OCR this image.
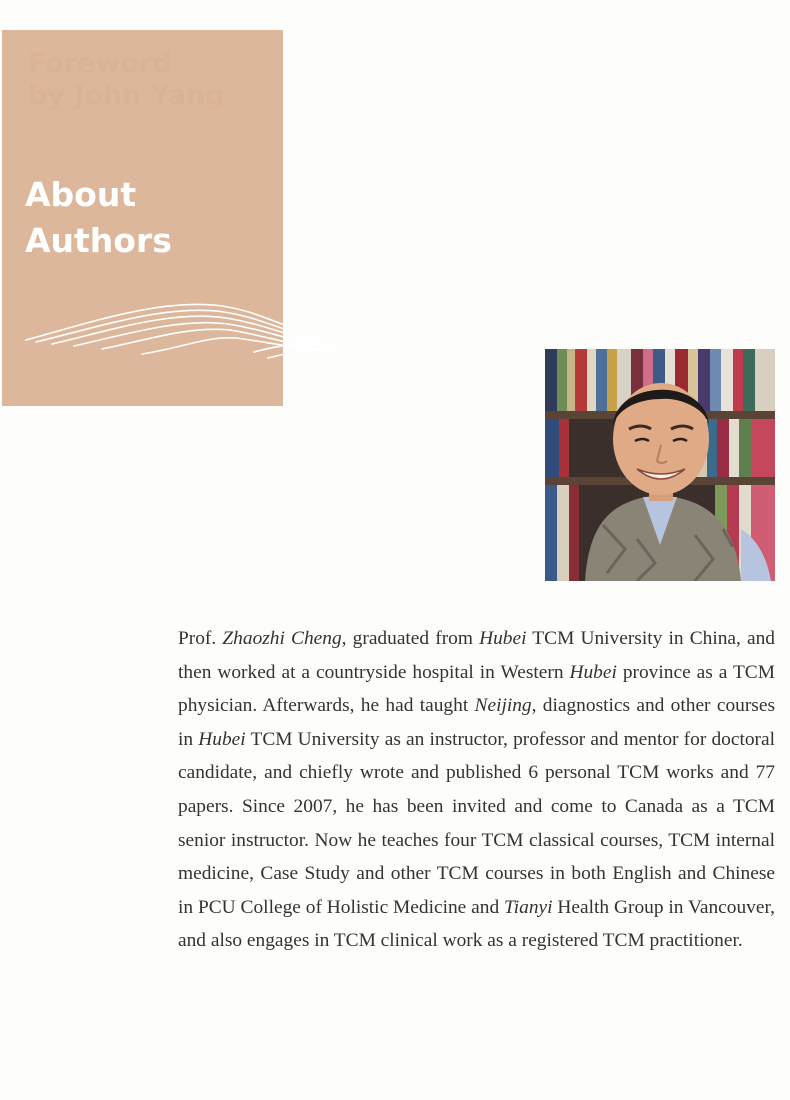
Foreword
by John Yang
About
Authors
Prof. Zhaozhi Cheng, graduated from Hubei TCM University in China, and then worked at a countryside hospital in Western Hubei province as a TCM physician. Afterwards, he had taught Neijing, diagnostics and other courses in Hubei TCM University as an instructor, professor and mentor for doctoral candidate, and chiefly wrote and published 6 personal TCM works and 77 papers. Since 2007, he has been invited and come to Canada as a TCM senior instructor. Now he teaches four TCM classical courses, TCM internal medicine, Case Study and other TCM courses in both English and Chinese in PCU College of Holistic Medicine and Tianyi Health Group in Vancouver, and also engages in TCM clinical work as a registered TCM practitioner.
